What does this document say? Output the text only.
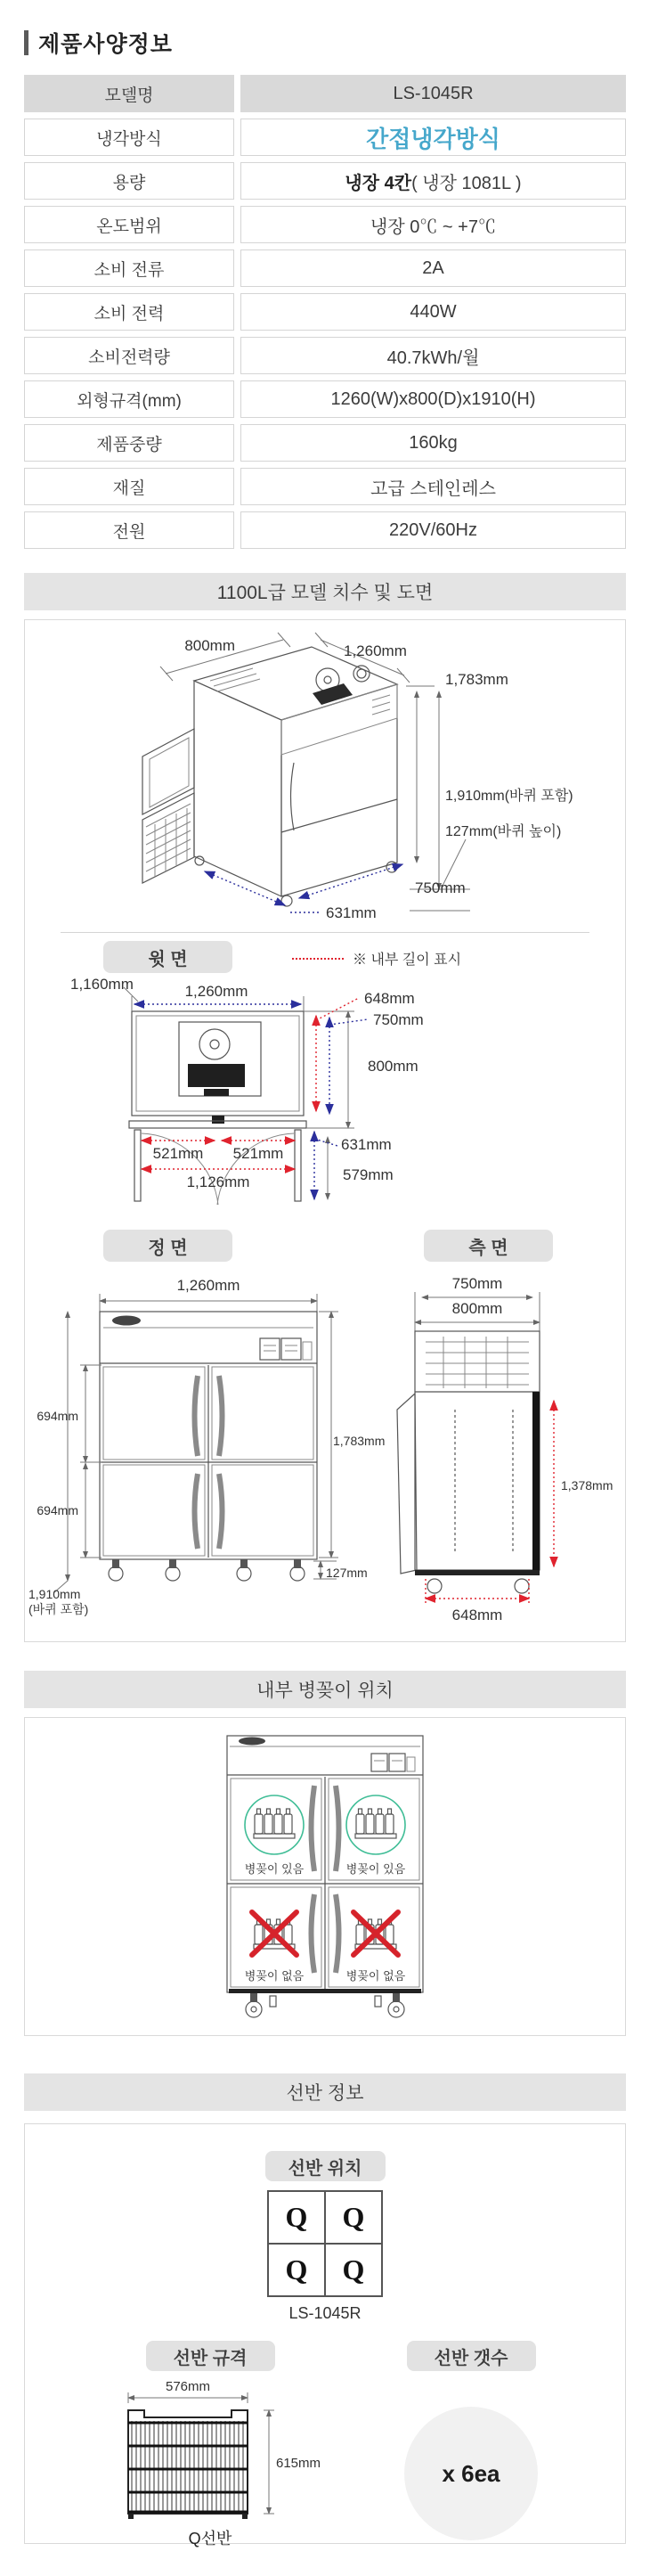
제품사양정보
모델명	LS-1045R
냉각방식	간접냉각방식
용량	냉장 4칸 ( 냉장 1081L )
온도범위	냉장 0℃ ~ +7℃
소비 전류	2A
소비 전력	440W
소비전력량	40.7kWh/월
외형규격(mm)	1260(W)x800(D)x1910(H)
제품중량	160kg
재질	고급 스테인레스
전원	220V/60Hz
1100L급 모델 치수 및 도면
800mm	1,260mm
1,783mm
1,910mm(바퀴 포함)
127mm(바퀴 높이)
750mm
631mm
윗 면	※ 내부 길이 표시
1,260mm
1,160mm
648mm
750mm
800mm
521mm 521mm
1,126mm
631mm
579mm
정 면	측 면
1,260mm
694mm
694mm
1,910mm
(바퀴 포함)
1,783mm
127mm
750mm
800mm
1,378mm
648mm
내부 병꽂이 위치
병꽂이 있음	병꽂이 있음
병꽂이 없음	병꽂이 없음
선반 정보
선반 위치
Q	Q
Q	Q
LS-1045R
선반 규격
576mm
615mm
Q선반
선반 갯수
x 6ea
